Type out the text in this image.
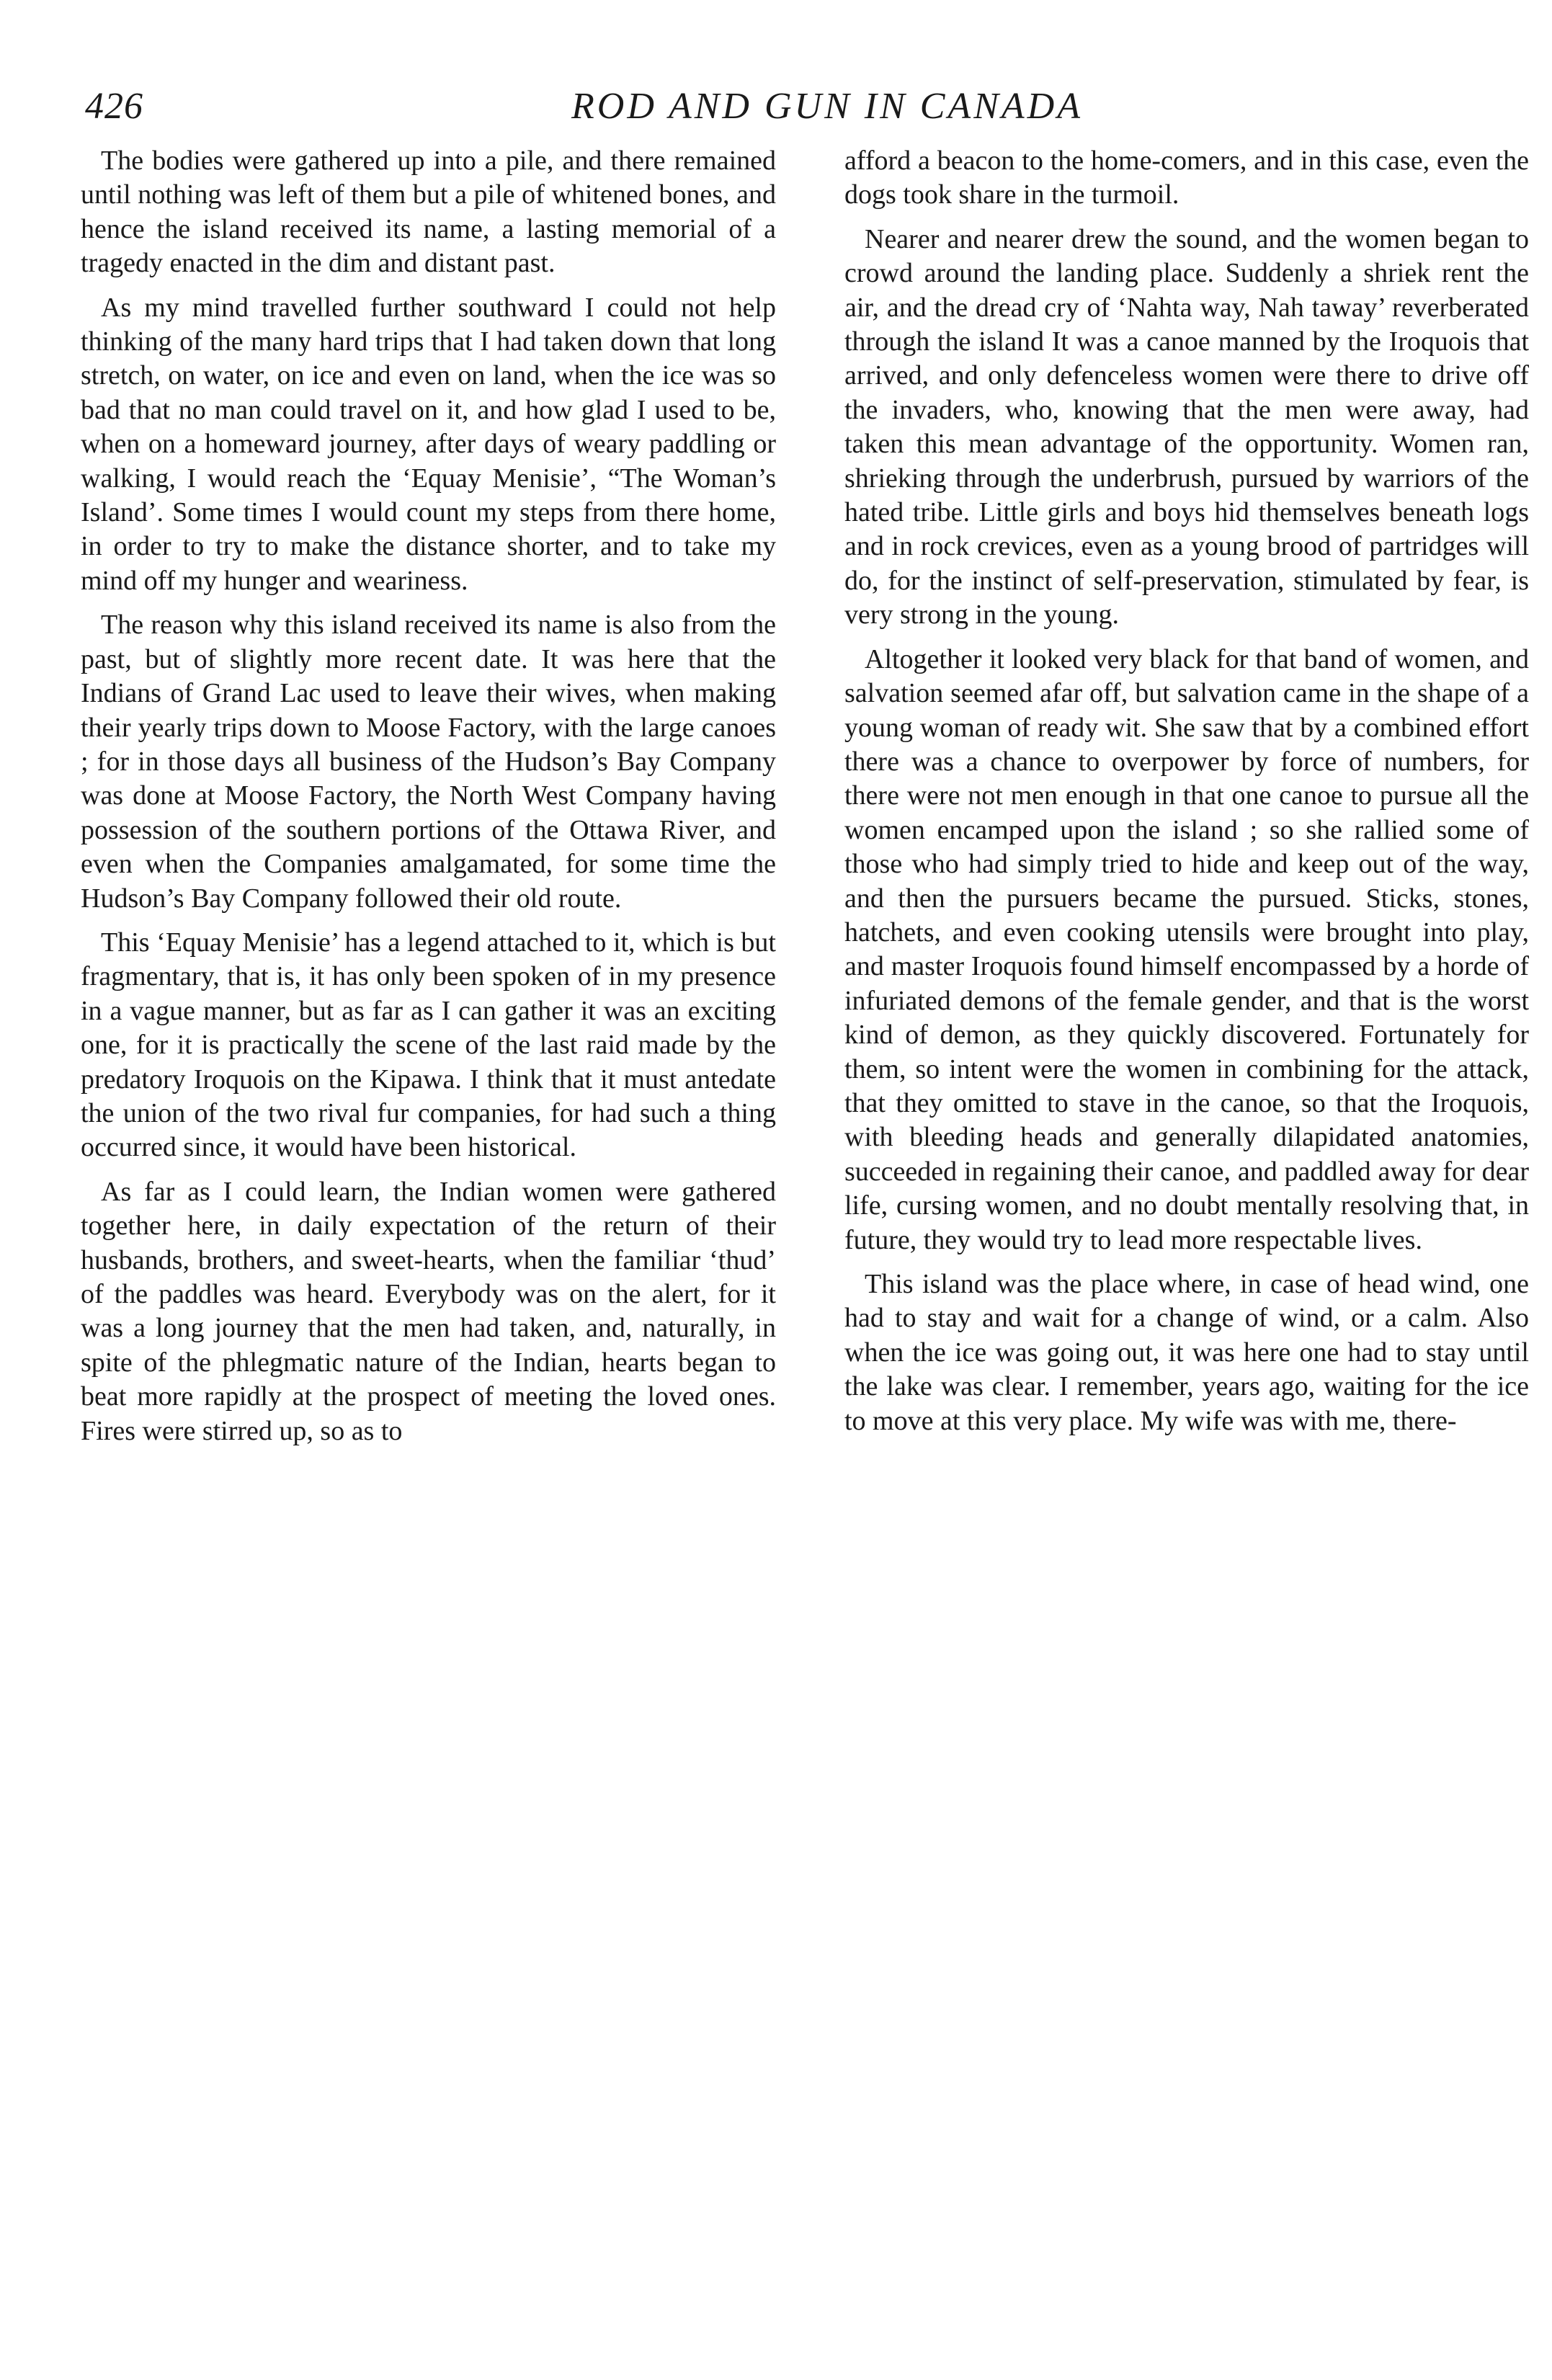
426	ROD AND GUN IN CANADA

The bodies were gathered up into a pile, and there remained until nothing was left of them but a pile of whitened bones, and hence the island received its name, a lasting memorial of a tragedy enacted in the dim and distant past.

As my mind travelled further southward I could not help thinking of the many hard trips that I had taken down that long stretch, on water, on ice and even on land, when the ice was so bad that no man could travel on it, and how glad I used to be, when on a homeward journey, after days of weary paddling or walking, I would reach the ‘Equay Menisie’, “The Woman’s Island’. Some times I would count my steps from there home, in order to try to make the distance shorter, and to take my mind off my hunger and weariness.

The reason why this island received its name is also from the past, but of slightly more recent date. It was here that the Indians of Grand Lac used to leave their wives, when making their yearly trips down to Moose Factory, with the large canoes ; for in those days all business of the Hudson’s Bay Company was done at Moose Factory, the North West Company having possession of the southern portions of the Ottawa River, and even when the Companies amalgamated, for some time the Hudson’s Bay Company followed their old route.

This ‘Equay Menisie’ has a legend attached to it, which is but fragmentary, that is, it has only been spoken of in my presence in a vague manner, but as far as I can gather it was an exciting one, for it is practically the scene of the last raid made by the predatory Iroquois on the Kipawa. I think that it must antedate the union of the two rival fur companies, for had such a thing occurred since, it would have been historical.

As far as I could learn, the Indian women were gathered together here, in daily expectation of the return of their husbands, brothers, and sweet-hearts, when the familiar ‘thud’ of the paddles was heard. Everybody was on the alert, for it was a long journey that the men had taken, and, naturally, in spite of the phlegmatic nature of the Indian, hearts began to beat more rapidly at the prospect of meeting the loved ones. Fires were stirred up, so as to

afford a beacon to the home-comers, and in this case, even the dogs took share in the turmoil.

Nearer and nearer drew the sound, and the women began to crowd around the landing place. Suddenly a shriek rent the air, and the dread cry of ‘Nahta way, Nah taway’ reverberated through the island It was a canoe manned by the Iroquois that arrived, and only defenceless women were there to drive off the invaders, who, knowing that the men were away, had taken this mean advantage of the opportunity. Women ran, shrieking through the underbrush, pursued by warriors of the hated tribe. Little girls and boys hid themselves beneath logs and in rock crevices, even as a young brood of partridges will do, for the instinct of self-preservation, stimulated by fear, is very strong in the young.

Altogether it looked very black for that band of women, and salvation seemed afar off, but salvation came in the shape of a young woman of ready wit. She saw that by a combined effort there was a chance to overpower by force of numbers, for there were not men enough in that one canoe to pursue all the women encamped upon the island ; so she rallied some of those who had simply tried to hide and keep out of the way, and then the pursuers became the pursued. Sticks, stones, hatchets, and even cooking utensils were brought into play, and master Iroquois found himself encompassed by a horde of infuriated demons of the female gender, and that is the worst kind of demon, as they quickly discovered. Fortunately for them, so intent were the women in combining for the attack, that they omitted to stave in the canoe, so that the Iroquois, with bleeding heads and generally dilapidated anatomies, succeeded in regaining their canoe, and paddled away for dear life, cursing women, and no doubt mentally resolving that, in future, they would try to lead more respectable lives.

This island was the place where, in case of head wind, one had to stay and wait for a change of wind, or a calm. Also when the ice was going out, it was here one had to stay until the lake was clear. I remember, years ago, waiting for the ice to move at this very place. My wife was with me, there-
